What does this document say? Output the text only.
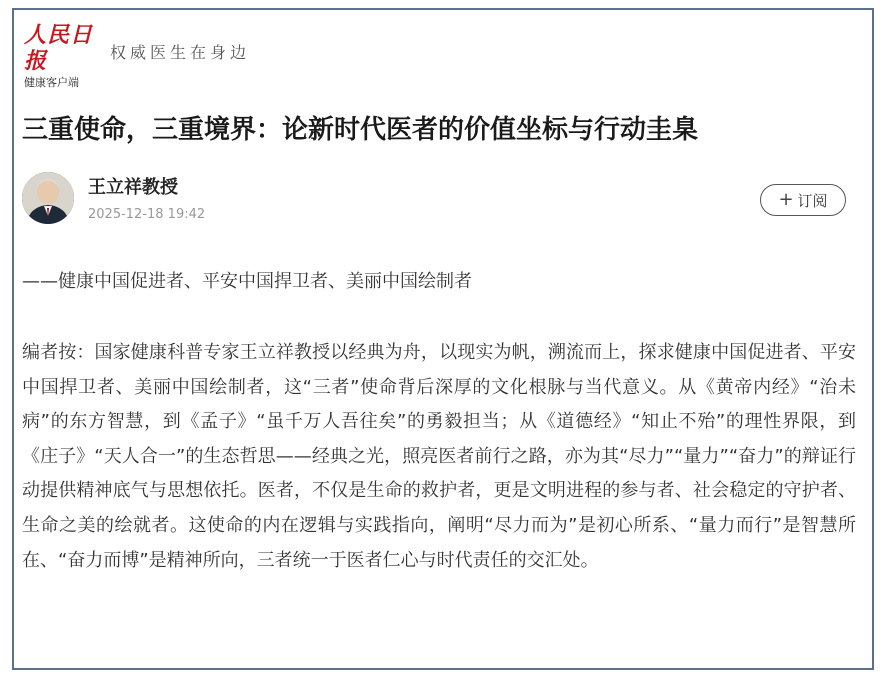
人民日报
健康客户端
权威医生在身边
三重使命，三重境界：论新时代医者的价值坐标与行动圭臬
王立祥教授
2025-12-18 19:42
+ 订阅
——健康中国促进者、平安中国捍卫者、美丽中国绘制者

编者按：国家健康科普专家王立祥教授以经典为舟，以现实为帆，溯流而上，探求健康中国促进者、平安中国捍卫者、美丽中国绘制者，这“三者”使命背后深厚的文化根脉与当代意义。从《黄帝内经》“治未病”的东方智慧，到《孟子》“虽千万人吾往矣”的勇毅担当；从《道德经》“知止不殆”的理性界限，到《庄子》“天人合一”的生态哲思——经典之光，照亮医者前行之路，亦为其“尽力”“量力”“奋力”的辩证行动提供精神底气与思想依托。医者，不仅是生命的救护者，更是文明进程的参与者、社会稳定的守护者、生命之美的绘就者。这使命的内在逻辑与实践指向，阐明“尽力而为”是初心所系、“量力而行”是智慧所在、“奋力而博”是精神所向，三者统一于医者仁心与时代责任的交汇处。
